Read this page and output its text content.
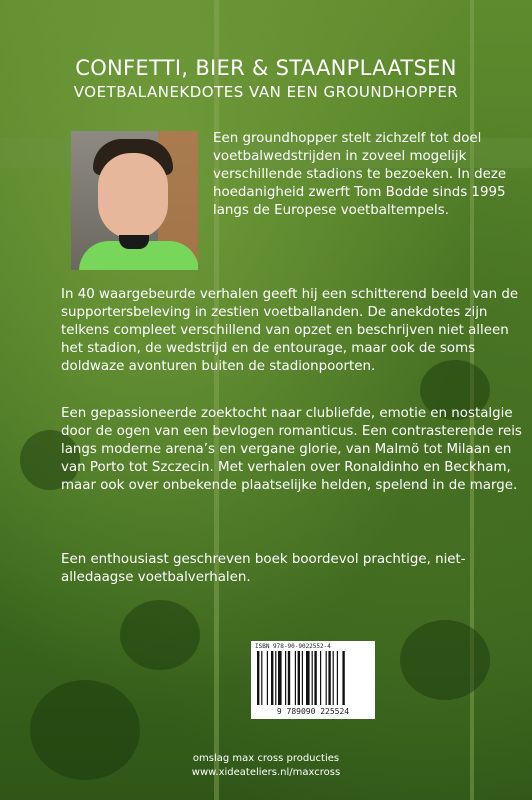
CONFETTI, BIER & STAANPLAATSEN
VOETBALANEKDOTES VAN EEN GROUNDHOPPER
Een groundhopper stelt zichzelf tot doel voetbalwedstrijden in zoveel mogelijk verschillende stadions te bezoeken. In deze hoedanigheid zwerft Tom Bodde sinds 1995 langs de Europese voetbaltempels.
In 40 waargebeurde verhalen geeft hij een schitterend beeld van de supportersbeleving in zestien voetballanden. De anekdotes zijn telkens compleet verschillend van opzet en beschrijven niet alleen het stadion, de wedstrijd en de entourage, maar ook de soms doldwaze avonturen buiten de stadionpoorten.
Een gepassioneerde zoektocht naar clubliefde, emotie en nostalgie door de ogen van een bevlogen romanticus. Een contrasterende reis langs moderne arena’s en vergane glorie, van Malmö tot Milaan en van Porto tot Szczecin. Met verhalen over Ronaldinho en Beckham, maar ook over onbekende plaatselijke helden, spelend in de marge.
Een enthousiast geschreven boek boordevol prachtige, niet-alledaagse voetbalverhalen.
ISBN 978-90-9022552-4
9 789090 225524
omslag max cross producties
www.xideateliers.nl/maxcross
